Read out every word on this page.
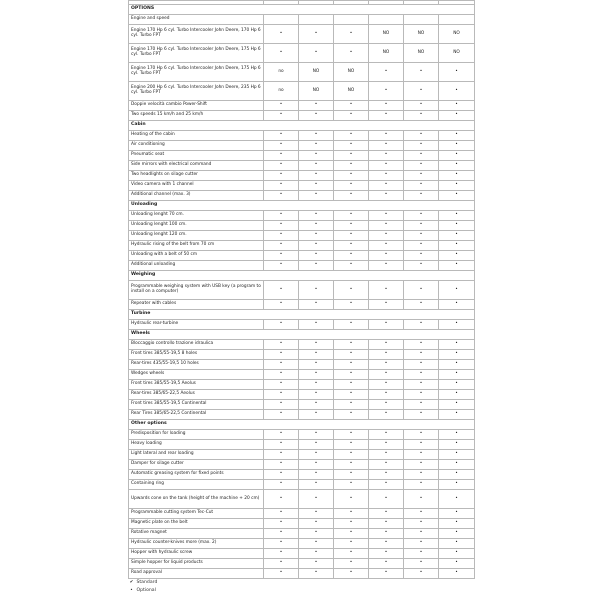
OPTIONS						
Engine and speed						
Engine 170 Hp 6 cyl. Turbo Intercooler John Deere, 170 Hp 6 cyl. Turbo FPT	•	•	•	NO	NO	NO
Engine 170 Hp 6 cyl. Turbo Intercooler John Deere, 175 Hp 6 cyl. Turbo FPT	•	•	•	NO	NO	NO
Engine 170 Hp 6 cyl. Turbo Intercooler John Deere, 175 Hp 6 cyl. Turbo FPT	no	NO	NO	•	•	•
Engine 200 Hp 6 cyl. Turbo Intercooler John Deere, 235 Hp 6 cyl. Turbo FPT	no	NO	NO	•	•	•
Doppie velocità cambio Power-Shift	•	•	•	•	•	•
Two speeds 15 km/h and 25 km/h	•	•	•	•	•	•
Cabin						
Heating of the cabin	•	•	•	•	•	•
Air conditioning	•	•	•	•	•	•
Pneumatic seat	•	•	•	•	•	•
Side mirrors with electrical command	•	•	•	•	•	•
Two headlights on silage cutter	•	•	•	•	•	•
Video camera with 1 channel	•	•	•	•	•	•
Additional channel (max. 3)	•	•	•	•	•	•
Unloading						
Unloading lenght 70 cm.	•	•	•	•	•	•
Unloading lenght 100 cm.	•	•	•	•	•	•
Unloading lenght 120 cm.	•	•	•	•	•	•
Hydraulic rising of the belt from 70 cm	•	•	•	•	•	•
Unloading with a belt of 50 cm	•	•	•	•	•	•
Additional unloading	•	•	•	•	•	•
Weighing						
Programmable weighing system with USB key (a program to install on a computer)	•	•	•	•	•	•
Repeater with cables	•	•	•	•	•	•
Turbine						
Hydraulic rear-turbine	•	•	•	•	•	•
Wheels						
Bloccaggio controllo trazione idraulica	•	•	•	•	•	•
Front tires 385/55-19,5 8 holes	•	•	•	•	•	•
Rear-tires 435/55-19,5 10 holes	•	•	•	•	•	•
Wedges wheels	•	•	•	•	•	•
Front tires 385/55-19,5 Aeolus	•	•	•	•	•	•
Rear-tires 385/65-22,5 Aeolus	•	•	•	•	•	•
Front tires 385/55-19,5 Continental	•	•	•	•	•	•
Rear Tires 385/65-22,5 Continental	•	•	•	•	•	•
Other options						
Predisposition for loading	•	•	•	•	•	•
Heavy loading	•	•	•	•	•	•
Light lateral and rear loading	•	•	•	•	•	•
Damper for silage cutter	•	•	•	•	•	•
Automatic greasing system for fixed points	•	•	•	•	•	•
Containing ring	•	•	•	•	•	•
Upwards cone on the tank (height of the machine + 20 cm)	•	•	•	•	•	•
Programmable cutting system Tec-Cut	•	•	•	•	•	•
Magnetic plate on the belt	•	•	•	•	•	•
Rotative magnet	•	•	•	•	•	•
Hydraulic counter-knives more (max. 2)	•	•	•	•	•	•
Hopper with hydraulic screw	•	•	•	•	•	•
Simple hopper for liquid products	•	•	•	•	•	•
Road approval	•	•	•	•	•	•
✔ Standard
• Optional
